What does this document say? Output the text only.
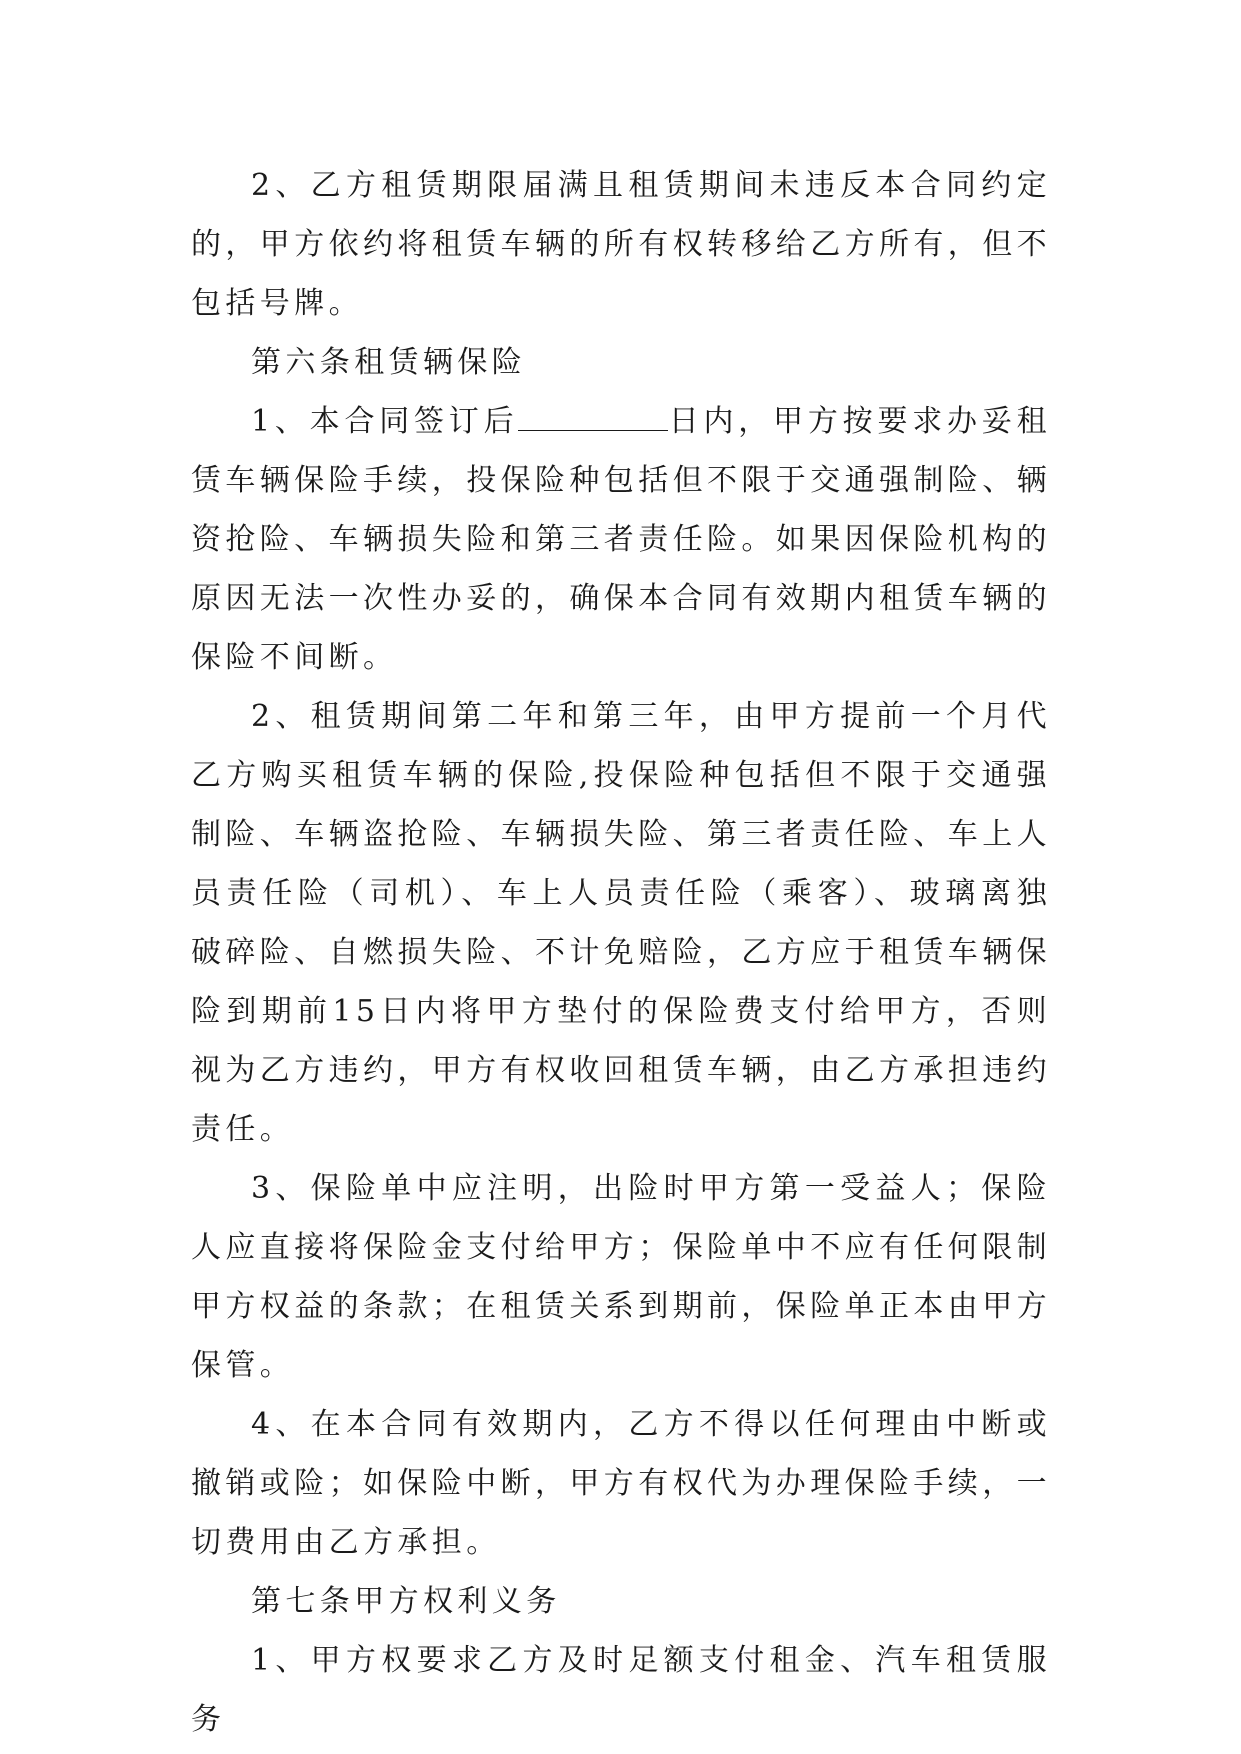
2、乙方租赁期限届满且租赁期间未违反本合同约定的，甲方依约将租赁车辆的所有权转移给乙方所有，但不包括号牌。

第六条租赁辆保险

1、本合同签订后	日内，甲方按要求办妥租赁车辆保险手续，投保险种包括但不限于交通强制险、辆资抢险、车辆损失险和第三者责任险。如果因保险机构的原因无法一次性办妥的，确保本合同有效期内租赁车辆的保险不间断。

2、租赁期间第二年和第三年，由甲方提前一个月代乙方购买租赁车辆的保险,投保险种包括但不限于交通强制险、车辆盗抢险、车辆损失险、第三者责任险、车上人员责任险（司机）、车上人员责任险（乘客）、玻璃离独破碎险、自燃损失险、不计免赔险，乙方应于租赁车辆保险到期前15日内将甲方垫付的保险费支付给甲方，否则视为乙方违约，甲方有权收回租赁车辆，由乙方承担违约责任。

3、保险单中应注明，出险时甲方第一受益人；保险人应直接将保险金支付给甲方；保险单中不应有任何限制甲方权益的条款；在租赁关系到期前，保险单正本由甲方保管。

4、在本合同有效期内，乙方不得以任何理由中断或撤销或险；如保险中断，甲方有权代为办理保险手续，一切费用由乙方承担。

第七条甲方权利义务

1、甲方权要求乙方及时足额支付租金、汽车租赁服务
